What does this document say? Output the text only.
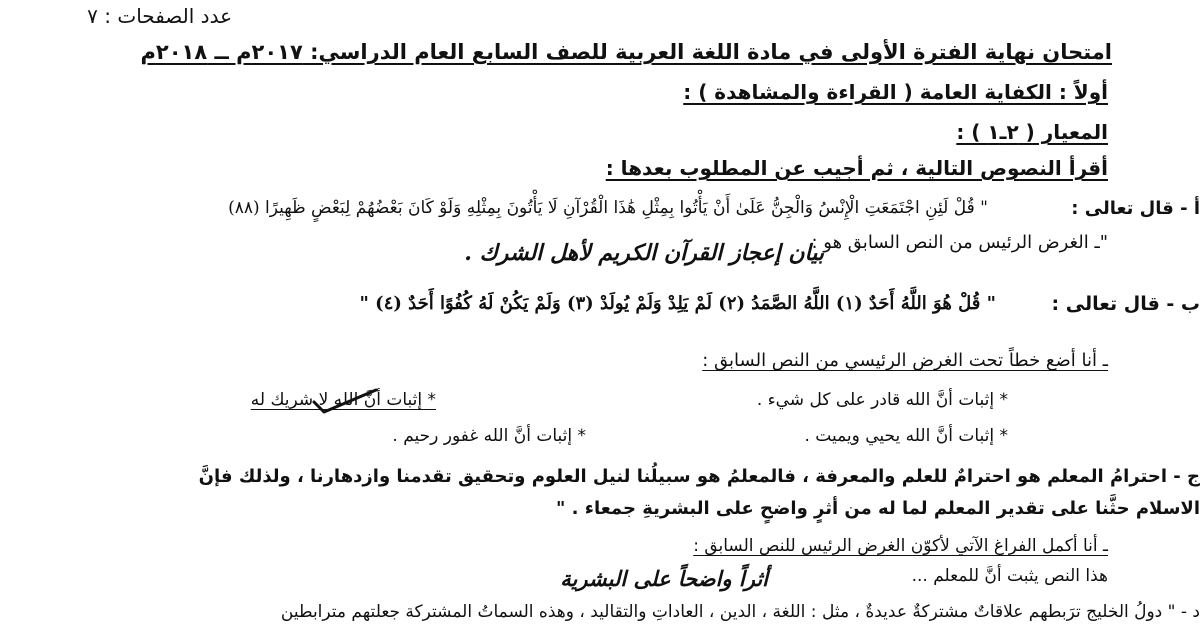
عدد الصفحات : ٧
امتحان نهاية الفترة الأولى في مادة اللغة العربية للصف السابع العام الدراسي: ٢٠١٧م ــ ٢٠١٨م
أولاً : الكفاية العامة ( القراءة والمشاهدة ) :
المعيار ( ٢ـ١ ) :
أقرأ النصوص التالية ، ثم أجيب عن المطلوب بعدها :
أ - قال تعالى :
" قُلْ لَئِنِ اجْتَمَعَتِ الْإِنْسُ وَالْجِنُّ عَلَىٰ أَنْ يَأْتُوا بِمِثْلِ هَٰذَا الْقُرْآنِ لَا يَأْتُونَ بِمِثْلِهِ وَلَوْ كَانَ بَعْضُهُمْ لِبَعْضٍ ظَهِيرًا (٨٨)
"ـ الغرض الرئيس من النص السابق هو :
بيان إعجاز القرآن الكريم لأهل الشرك .
ب - قال تعالى :
" قُلْ هُوَ اللَّهُ أَحَدٌ (١) اللَّهُ الصَّمَدُ (٢) لَمْ يَلِدْ وَلَمْ يُولَدْ (٣) وَلَمْ يَكُنْ لَهُ كُفُوًا أَحَدٌ (٤) "
ـ أنا أضع خطاً تحت الغرض الرئيسي من النص السابق :
* إثبات أنَّ الله لا شريك له	* إثبات أنَّ الله قادر على كل شيء .
* إثبات أنَّ الله غفور رحيم .	* إثبات أنَّ الله يحيي ويميت .
ج - احترامُ المعلم هو احترامٌ للعلم والمعرفة ، فالمعلمُ هو سبيلُنا لنيل العلوم وتحقيق تقدمنا وازدهارنا ، ولذلك فإنَّ
الاسلام حثَّنا على تقدير المعلم لما له من أثرٍ واضحٍ على البشريةِ جمعاء . "
ـ أنا أكمل الفراغ الآتي لأكوّن الغرض الرئيس للنص السابق :
هذا النص يثبت أنَّ للمعلم ...
أثراً واضحاً على البشرية
د - " دولُ الخليج ترَبطهم علاقاتٌ مشتركةٌ عديدةٌ ، مثل : اللغة ، الدين ، العاداتِ والتقاليد ، وهذه السماتُ المشتركة جعلتهم مترابطين
